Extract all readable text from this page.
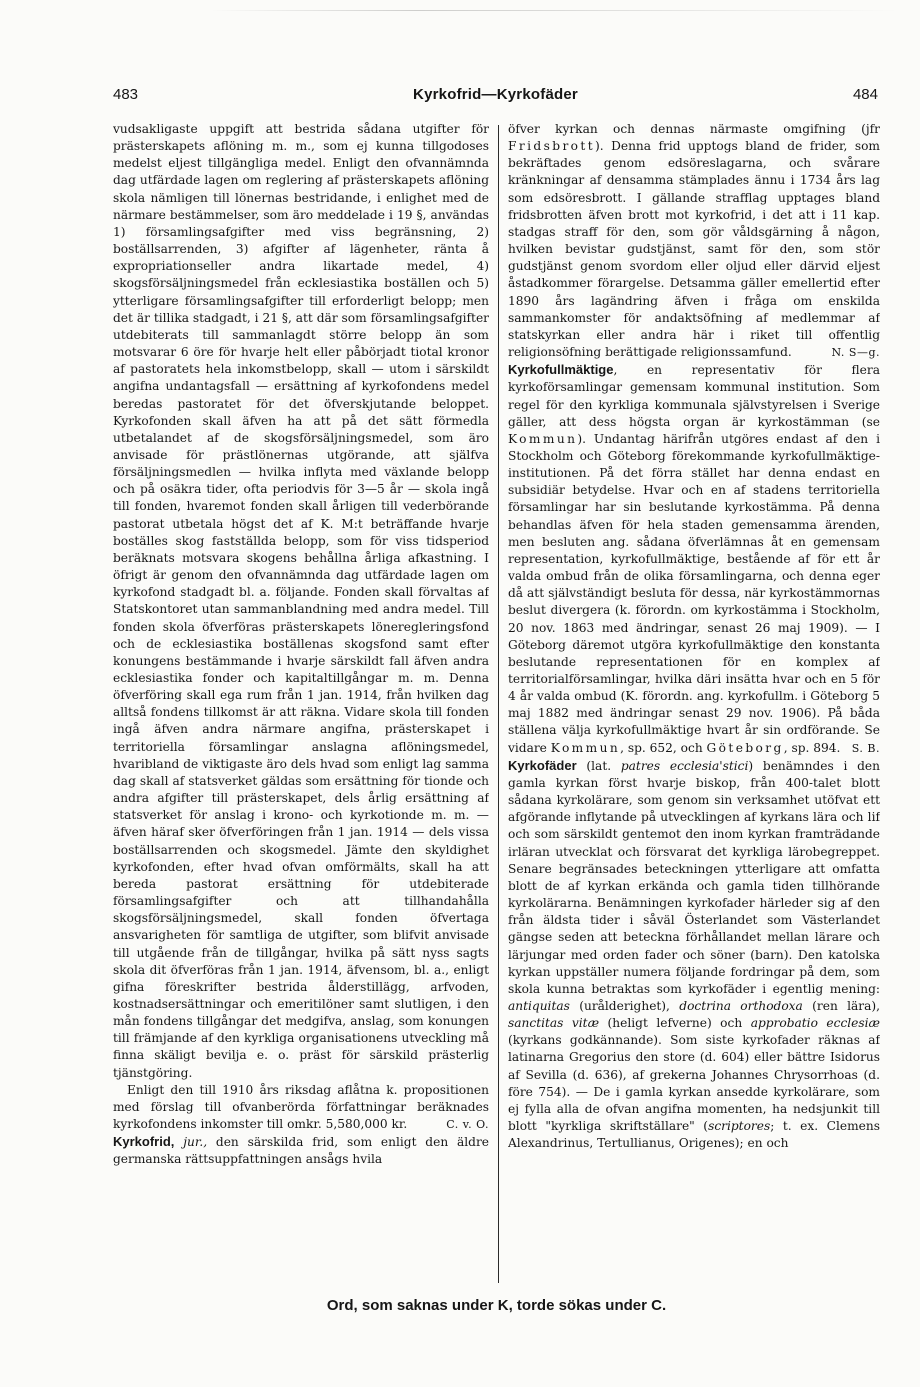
483	Kyrkofrid—Kyrkofäder	484

vudsakligaste uppgift att bestrida sådana utgifter för prästerskapets aflöning m. m., som ej kunna tillgodoses medelst eljest tillgängliga medel. Enligt den ofvannämnda dag utfärdade lagen om reglering af prästerskapets aflöning skola nämligen till lönernas bestridande, i enlighet med de närmare bestämmelser, som äro meddelade i 19 §, användas 1) församlingsafgifter med viss begränsning, 2) boställsarrenden, 3) afgifter af lägenheter, ränta å expropriationseller andra likartade medel, 4) skogsförsäljningsmedel från ecklesiastika boställen och 5) ytterligare församlingsafgifter till erforderligt belopp; men det är tillika stadgadt, i 21 §, att där som församlingsafgifter utdebiterats till sammanlagdt större belopp än som motsvarar 6 öre för hvarje helt eller påbörjadt tiotal kronor af pastoratets hela inkomstbelopp, skall — utom i särskildt angifna undantagsfall — ersättning af kyrkofondens medel beredas pastoratet för det öfverskjutande beloppet. Kyrkofonden skall äfven ha att på det sätt förmedla utbetalandet af de skogsförsäljningsmedel, som äro anvisade för prästlönernas utgörande, att själfva försäljningsmedlen — hvilka inflyta med växlande belopp och på osäkra tider, ofta periodvis för 3—5 år — skola ingå till fonden, hvaremot fonden skall årligen till vederbörande pastorat utbetala högst det af K. M:t beträffande hvarje boställes skog fastställda belopp, som för viss tidsperiod beräknats motsvara skogens behållna årliga afkastning. I öfrigt är genom den ofvannämnda dag utfärdade lagen om kyrkofond stadgadt bl. a. följande. Fonden skall förvaltas af Statskontoret utan sammanblandning med andra medel. Till fonden skola öfverföras prästerskapets löneregleringsfond och de ecklesiastika boställenas skogsfond samt efter konungens bestämmande i hvarje särskildt fall äfven andra ecklesiastika fonder och kapitaltillgångar m. m. Denna öfverföring skall ega rum från 1 jan. 1914, från hvilken dag alltså fondens tillkomst är att räkna. Vidare skola till fonden ingå äfven andra närmare angifna, prästerskapet i territoriella församlingar anslagna aflöningsmedel, hvaribland de viktigaste äro dels hvad som enligt lag samma dag skall af statsverket gäldas som ersättning för tionde och andra afgifter till prästerskapet, dels årlig ersättning af statsverket för anslag i krono- och kyrkotionde m. m. — äfven häraf sker öfverföringen från 1 jan. 1914 — dels vissa boställsarrenden och skogsmedel. Jämte den skyldighet kyrkofonden, efter hvad ofvan omförmälts, skall ha att bereda pastorat ersättning för utdebiterade församlingsafgifter och att tillhandahålla skogsförsäljningsmedel, skall fonden öfvertaga ansvarigheten för samtliga de utgifter, som blifvit anvisade till utgående från de tillgångar, hvilka på sätt nyss sagts skola dit öfverföras från 1 jan. 1914, äfvensom, bl. a., enligt gifna föreskrifter bestrida ålderstillägg, arfvoden, kostnadsersättningar och emeritilöner samt slutligen, i den mån fondens tillgångar det medgifva, anslag, som konungen till främjande af den kyrkliga organisationens utveckling må finna skäligt bevilja e. o. präst för särskild prästerlig tjänstgöring.

Enligt den till 1910 års riksdag aflåtna k. propositionen med förslag till ofvanberörda författningar beräknades kyrkofondens inkomster till omkr. 5,580,000 kr.	C. v. O.

Kyrkofrid, jur., den särskilda frid, som enligt den äldre germanska rättsuppfattningen ansågs hvila

öfver kyrkan och dennas närmaste omgifning (jfr Fridsbrott). Denna frid upptogs bland de frider, som bekräftades genom edsöreslagarna, och svårare kränkningar af densamma stämplades ännu i 1734 års lag som edsöresbrott. I gällande strafflag upptages bland fridsbrotten äfven brott mot kyrkofrid, i det att i 11 kap. stadgas straff för den, som gör våldsgärning å någon, hvilken bevistar gudstjänst, samt för den, som stör gudstjänst genom svordom eller oljud eller därvid eljest åstadkommer förargelse. Detsamma gäller emellertid efter 1890 års lagändring äfven i fråga om enskilda sammankomster för andaktsöfning af medlemmar af statskyrkan eller andra här i riket till offentlig religionsöfning berättigade religionssamfund.	N. S—g.

Kyrkofullmäktige, en representativ för flera kyrkoförsamlingar gemensam kommunal institution. Som regel för den kyrkliga kommunala självstyrelsen i Sverige gäller, att dess högsta organ är kyrkostämman (se Kommun). Undantag härifrån utgöres endast af den i Stockholm och Göteborg förekommande kyrkofullmäktige-institutionen. På det förra stället har denna endast en subsidiär betydelse. Hvar och en af stadens territoriella församlingar har sin beslutande kyrkostämma. På denna behandlas äfven för hela staden gemensamma ärenden, men besluten ang. sådana öfverlämnas åt en gemensam representation, kyrkofullmäktige, bestående af för ett år valda ombud från de olika församlingarna, och denna eger då att självständigt besluta för dessa, när kyrkostämmornas beslut divergera (k. förordn. om kyrkostämma i Stockholm, 20 nov. 1863 med ändringar, senast 26 maj 1909). — I Göteborg däremot utgöra kyrkofullmäktige den konstanta beslutande representationen för en komplex af territorialförsamlingar, hvilka däri insätta hvar och en 5 för 4 år valda ombud (K. förordn. ang. kyrkofullm. i Göteborg 5 maj 1882 med ändringar senast 29 nov. 1906). På båda ställena välja kyrkofullmäktige hvart år sin ordförande. Se vidare Kommun, sp. 652, och Göteborg, sp. 894. S. B.

Kyrkofäder (lat. patres ecclesia'stici) benämndes i den gamla kyrkan först hvarje biskop, från 400-talet blott sådana kyrkolärare, som genom sin verksamhet utöfvat ett afgörande inflytande på utvecklingen af kyrkans lära och lif och som särskildt gentemot den inom kyrkan framträdande irläran utvecklat och försvarat det kyrkliga lärobegreppet. Senare begränsades beteckningen ytterligare att omfatta blott de af kyrkan erkända och gamla tiden tillhörande kyrkolärarna. Benämningen kyrkofader härleder sig af den från äldsta tider i såväl Österlandet som Västerlandet gängse seden att beteckna förhållandet mellan lärare och lärjungar med orden fader och söner (barn). Den katolska kyrkan uppställer numera följande fordringar på dem, som skola kunna betraktas som kyrkofäder i egentlig mening: antiquitas (urålderighet), doctrina orthodoxa (ren lära), sanctitas vitæ (heligt lefverne) och approbatio ecclesiæ (kyrkans godkännande). Som siste kyrkofader räknas af latinarna Gregorius den store (d. 604) eller bättre Isidorus af Sevilla (d. 636), af grekerna Johannes Chrysorrhoas (d. före 754). — De i gamla kyrkan ansedde kyrkolärare, som ej fylla alla de ofvan angifna momenten, ha nedsjunkit till blott "kyrkliga skriftställare" (scriptores; t. ex. Clemens Alexandrinus, Tertullianus, Origenes); en och

Ord, som saknas under K, torde sökas under C.
